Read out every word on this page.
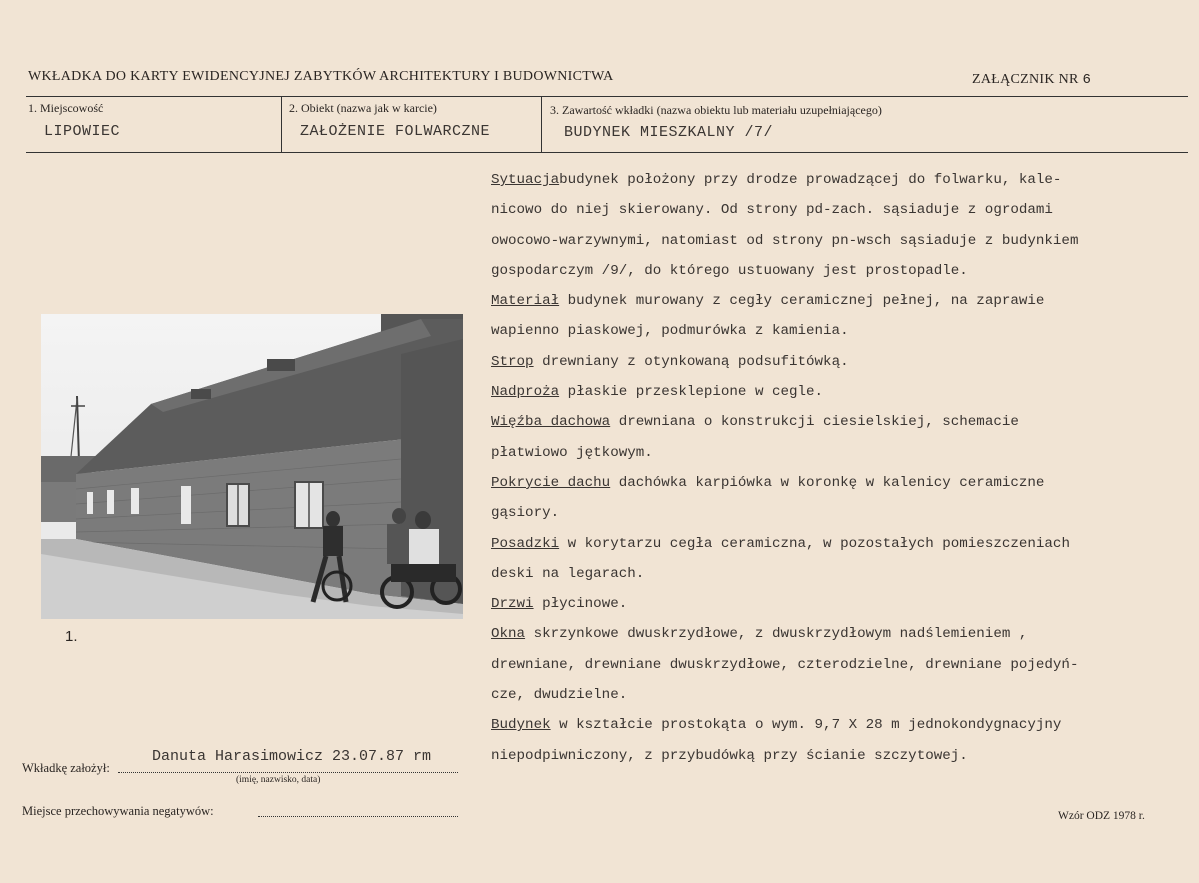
WKŁADKA DO KARTY EWIDENCYJNEJ ZABYTKÓW ARCHITEKTURY I BUDOWNICTWA	ZAŁĄCZNIK NR 6
1. Miejscowość
LIPOWIEC
2. Obiekt (nazwa jak w karcie)
ZAŁOŻENIE FOLWARCZNE
3. Zawartość wkładki (nazwa obiektu lub materiału uzupełniającego)
BUDYNEK MIESZKALNY /7/
1.
Sytuacjabudynek położony przy drodze prowadzącej do folwarku, kale-
nicowo do niej skierowany. Od strony pd-zach. sąsiaduje z ogrodami
owocowo-warzywnymi, natomiast od strony pn-wsch sąsiaduje z budynkiem
gospodarczym /9/, do którego ustuowany jest prostopadle.
Materiał budynek murowany z cegły ceramicznej pełnej, na zaprawie
wapienno piaskowej, podmurówka z kamienia.
Strop drewniany z otynkowaną podsufitówką.
Nadproża płaskie przesklepione w cegle.
Więźba dachowa drewniana o konstrukcji ciesielskiej, schemacie
płatwiowo jętkowym.
Pokrycie dachu dachówka karpiówka w koronkę w kalenicy ceramiczne
gąsiory.
Posadzki w korytarzu cegła ceramiczna, w pozostałych pomieszczeniach
deski na legarach.
Drzwi płycinowe.
Okna skrzynkowe dwuskrzydłowe, z dwuskrzydłowym nadślemieniem ,
drewniane, drewniane dwuskrzydłowe, czterodzielne, drewniane pojedyń-
cze, dwudzielne.
Budynek w kształcie prostokąta o wym. 9,7 X 28 m jednokondygnacyjny
niepodpiwniczony, z przybudówką przy ścianie szczytowej.
Wkładkę założył:
Danuta Harasimowicz 23.07.87 rm
(imię, nazwisko, data)
Miejsce przechowywania negatywów:	Wzór ODZ 1978 r.
